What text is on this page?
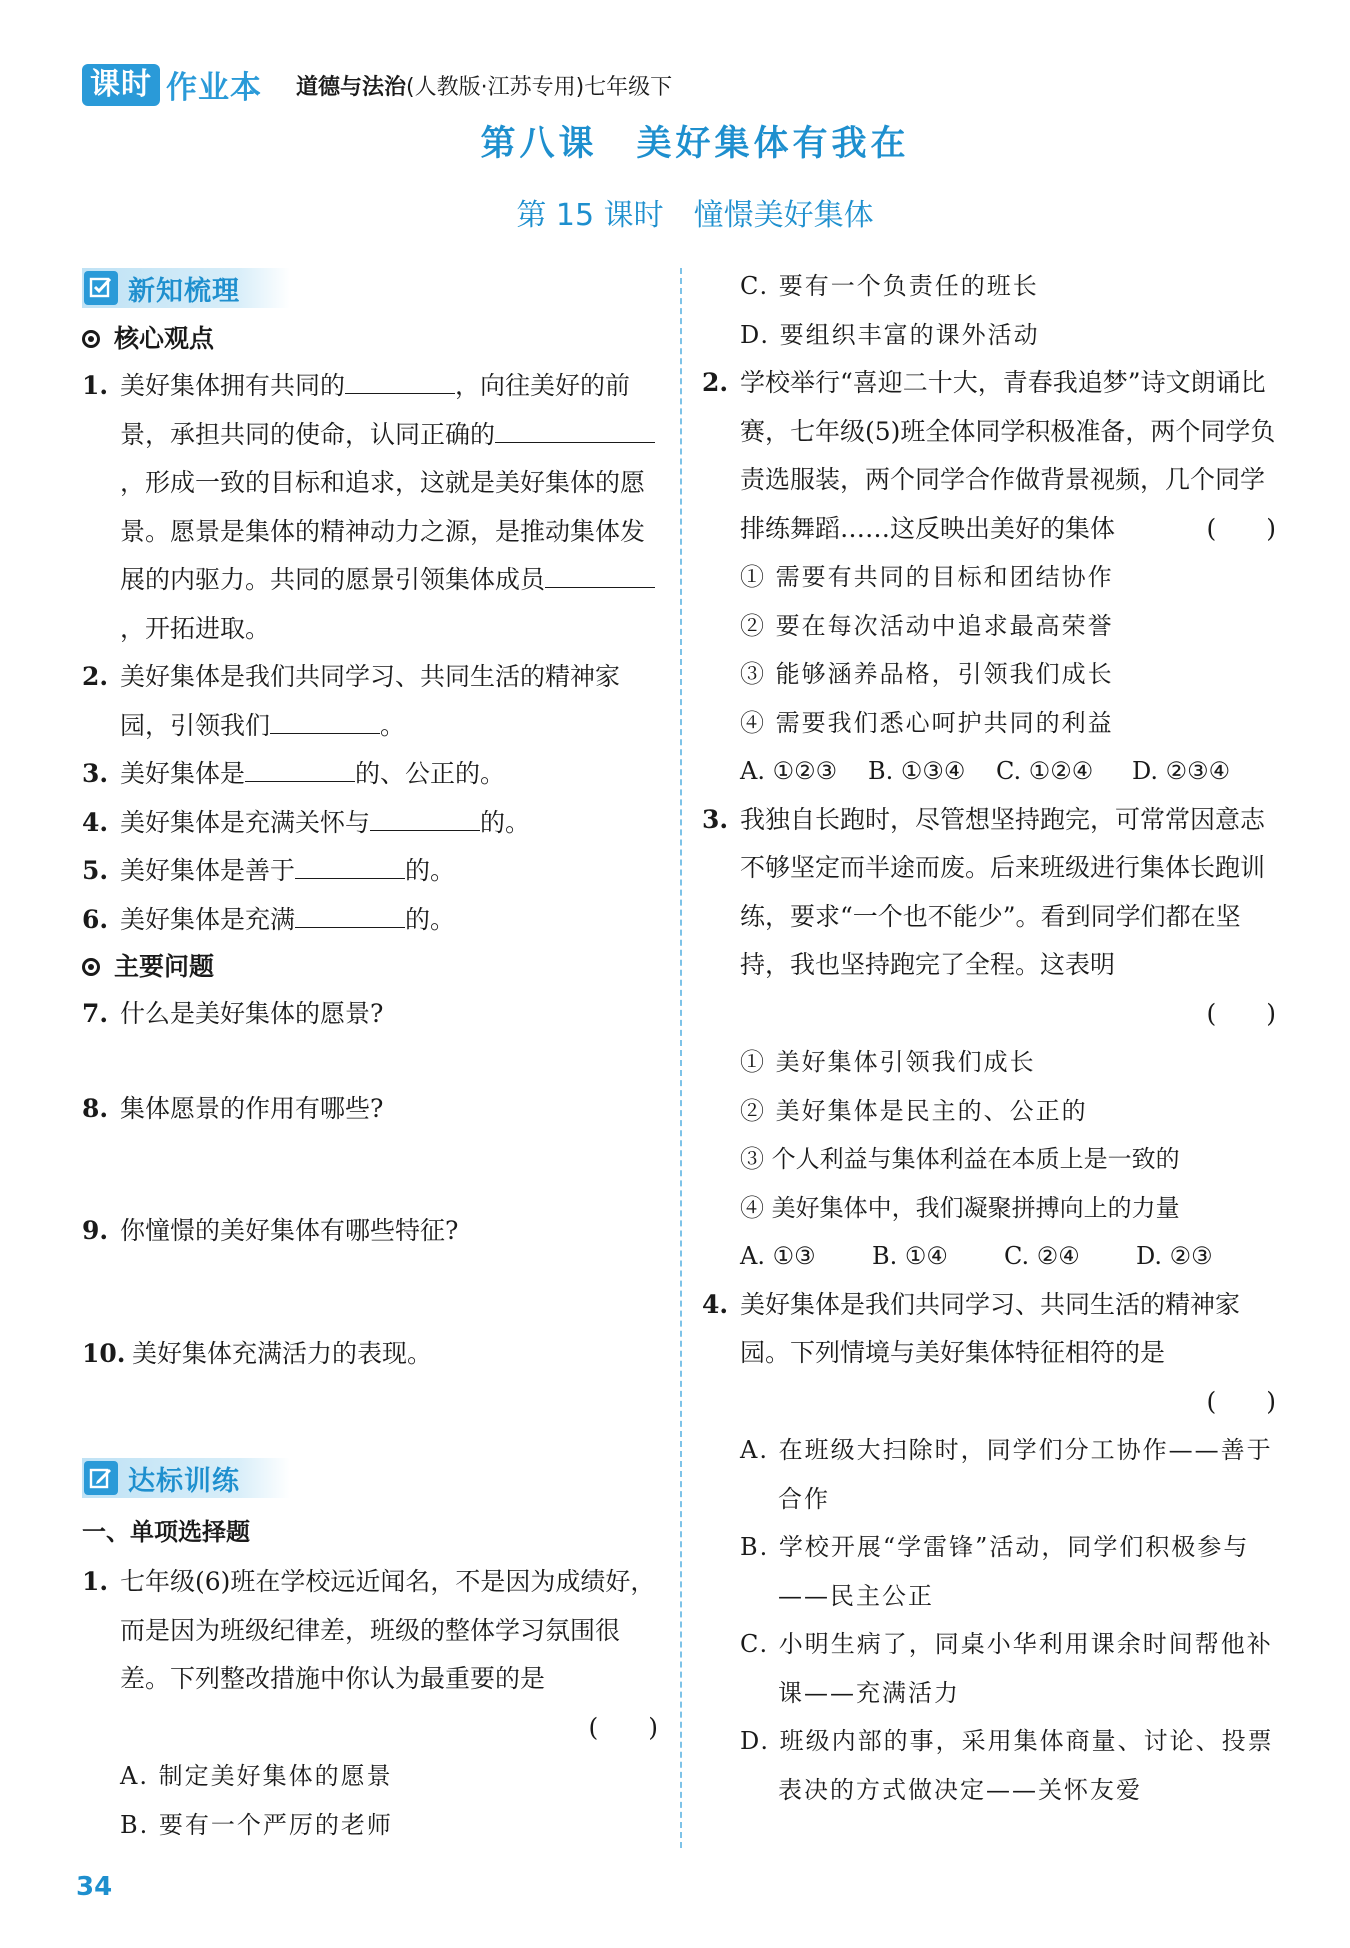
课时 作业本 道德与法治(人教版·江苏专用)七年级下
第八课　美好集体有我在
第 15 课时　憧憬美好集体
新知梳理
核心观点
1. 美好集体拥有共同的	，向往美好的前景，承担共同的使命，认同正确的，形成一致的目标和追求，这就是美好集体的愿景。愿景是集体的精神动力之源，是推动集体发展的内驱力。共同的愿景引领集体成员，开拓进取。
2. 美好集体是我们共同学习、共同生活的精神家园，引领我们	。
3. 美好集体是	的、公正的。
4. 美好集体是充满关怀与	的。
5. 美好集体是善于	的。
6. 美好集体是充满	的。
主要问题
7. 什么是美好集体的愿景?
8. 集体愿景的作用有哪些?
9. 你憧憬的美好集体有哪些特征?
10. 美好集体充满活力的表现。
达标训练
一、单项选择题
1. 七年级(6)班在学校远近闻名，不是因为成绩好，而是因为班级纪律差，班级的整体学习氛围很差。下列整改措施中你认为最重要的是
(　　)
A. 制定美好集体的愿景
B. 要有一个严厉的老师
C. 要有一个负责任的班长
D. 要组织丰富的课外活动
2. 学校举行“喜迎二十大，青春我追梦”诗文朗诵比赛，七年级(5)班全体同学积极准备，两个同学负责选服装，两个同学合作做背景视频，几个同学排练舞蹈……这反映出美好的集体	(　　)
① 需要有共同的目标和团结协作
② 要在每次活动中追求最高荣誉
③ 能够涵养品格，引领我们成长
④ 需要我们悉心呵护共同的利益
A. ①②③ B. ①③④ C. ①②④ D. ②③④
3. 我独自长跑时，尽管想坚持跑完，可常常因意志不够坚定而半途而废。后来班级进行集体长跑训练，要求“一个也不能少”。看到同学们都在坚持，我也坚持跑完了全程。这表明
(　　)
① 美好集体引领我们成长
② 美好集体是民主的、公正的
③ 个人利益与集体利益在本质上是一致的
④ 美好集体中，我们凝聚拼搏向上的力量
A. ①③ B. ①④ C. ②④ D. ②③
4. 美好集体是我们共同学习、共同生活的精神家园。下列情境与美好集体特征相符的是
(　　)
A. 在班级大扫除时，同学们分工协作——善于合作
B. 学校开展“学雷锋”活动，同学们积极参与——民主公正
C. 小明生病了，同桌小华利用课余时间帮他补课——充满活力
D. 班级内部的事，采用集体商量、讨论、投票表决的方式做决定——关怀友爱
34
